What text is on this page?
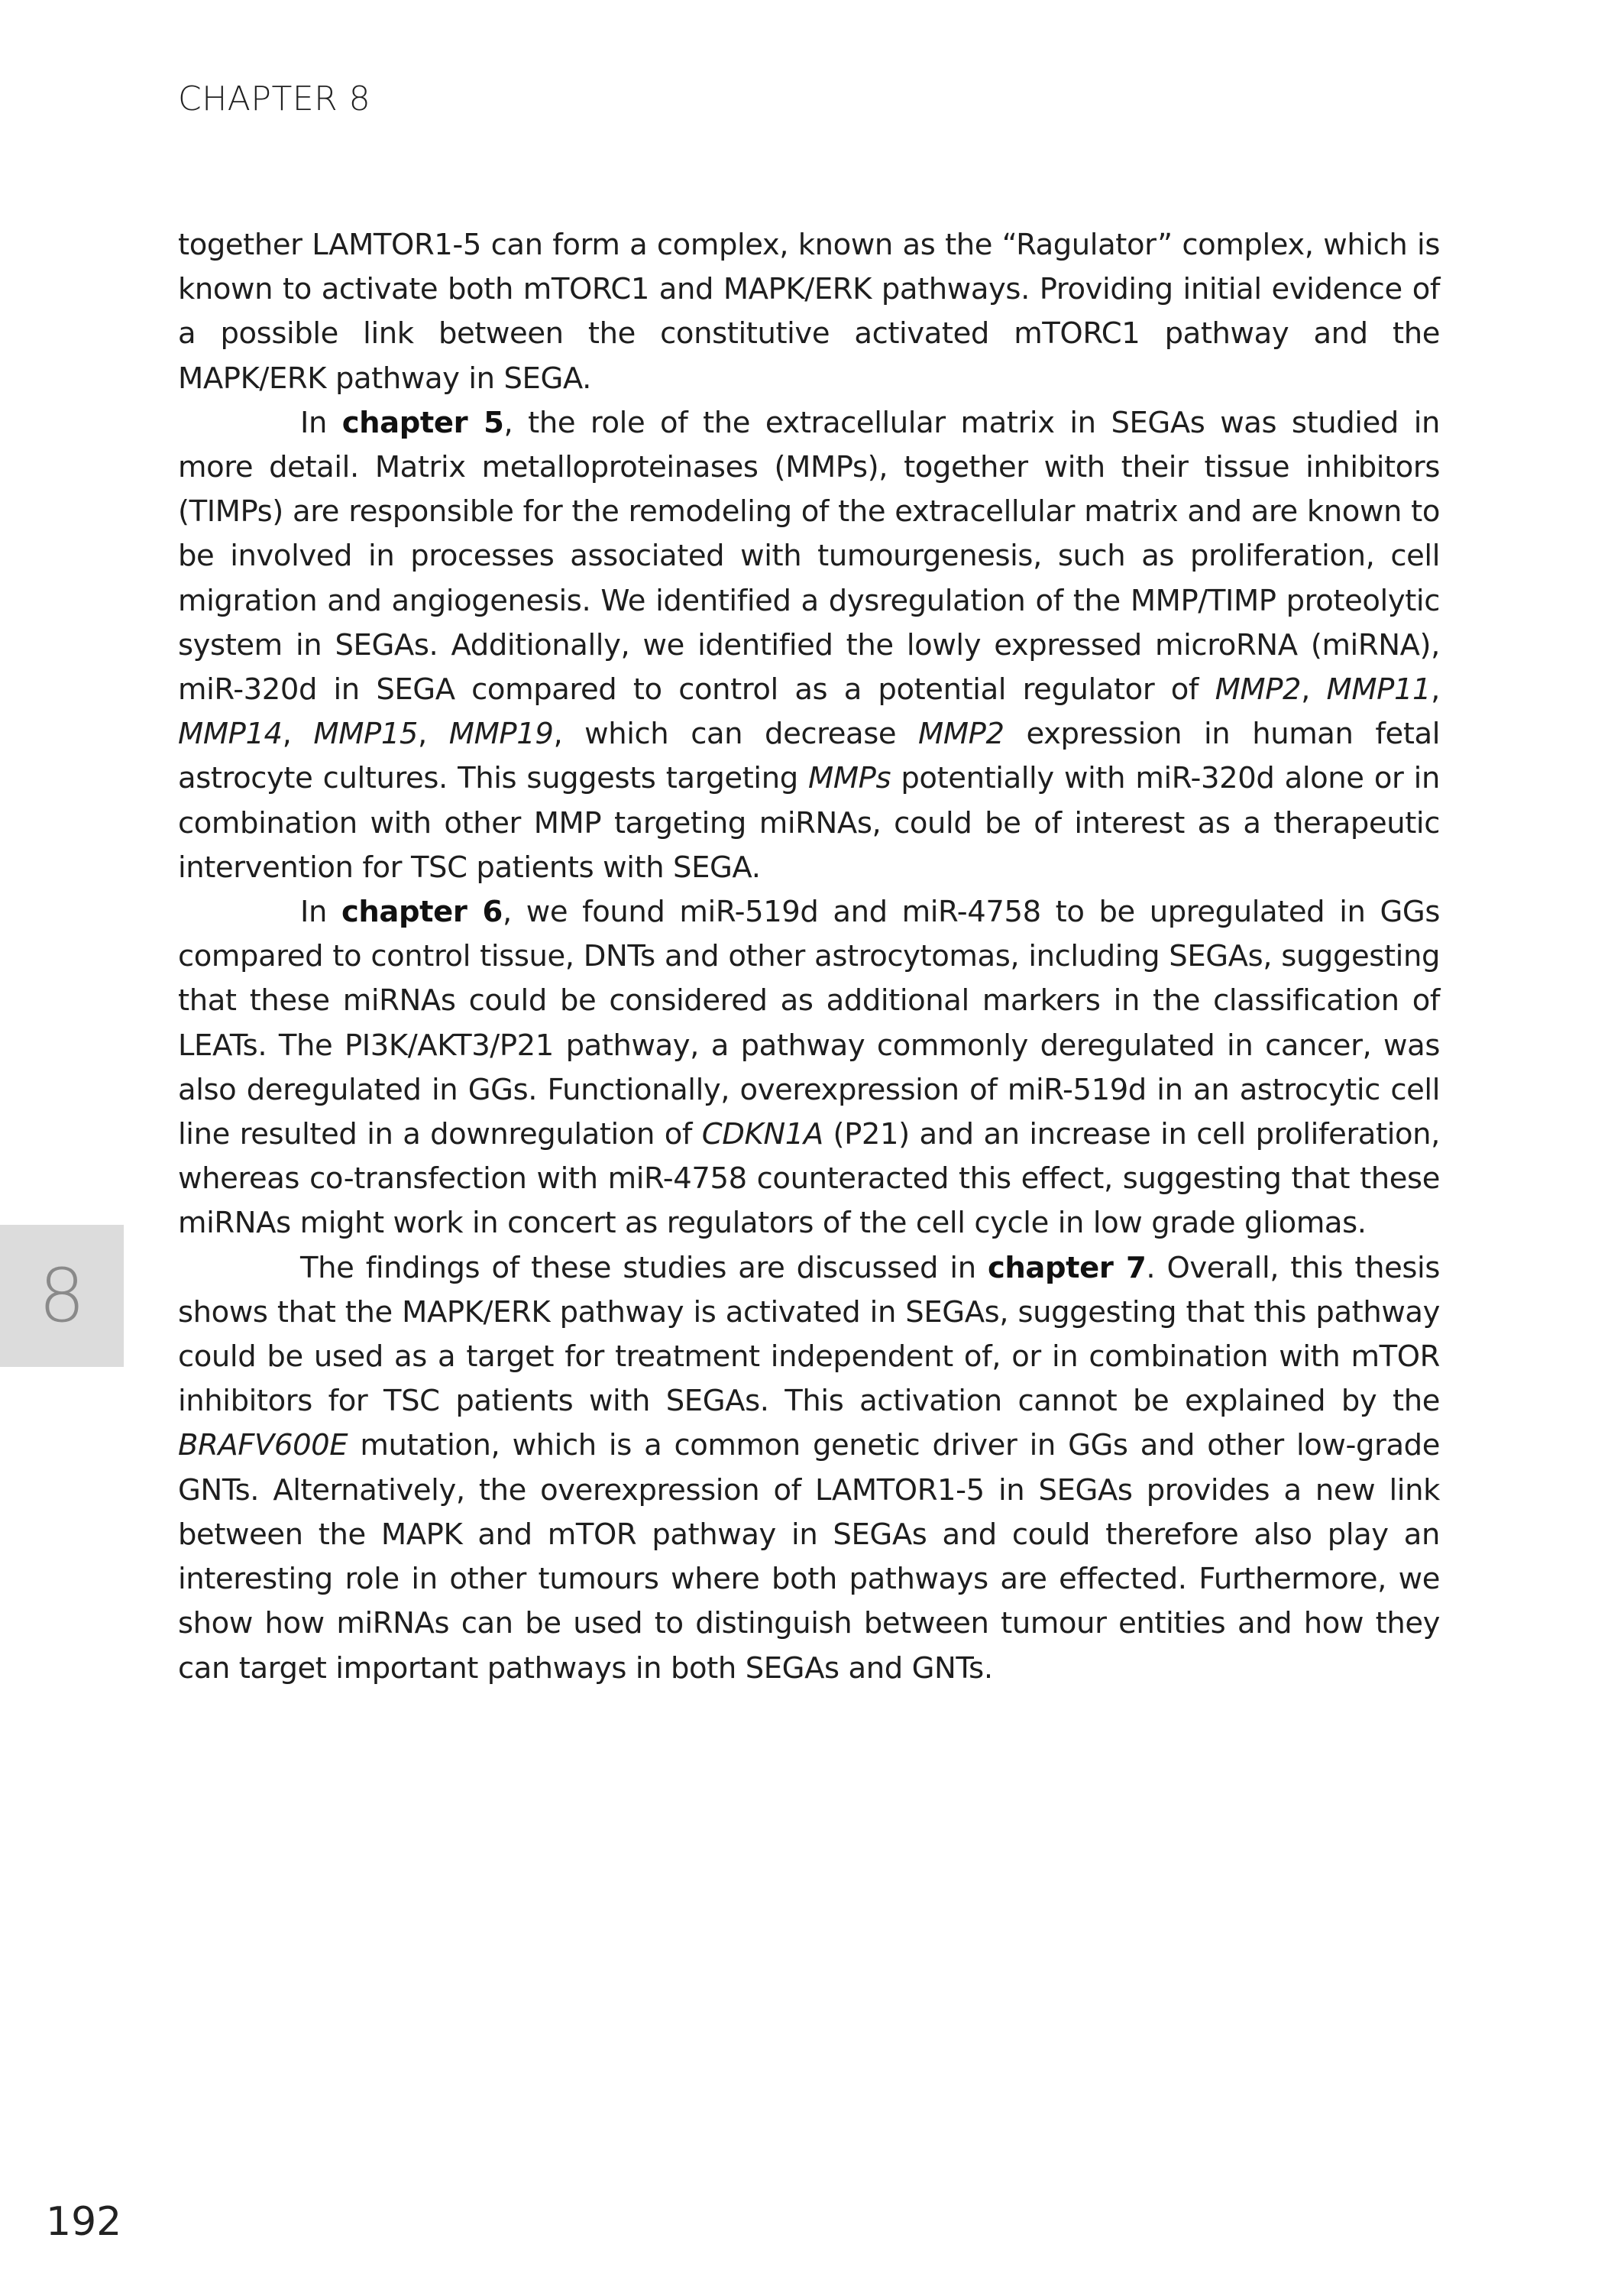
CHAPTER 8

together LAMTOR1-5 can form a complex, known as the “Ragulator” complex, which is known to activate both mTORC1 and MAPK/ERK pathways. Providing initial evidence of a possible link between the constitutive activated mTORC1 pathway and the MAPK/ERK pathway in SEGA.

In chapter 5, the role of the extracellular matrix in SEGAs was studied in more detail. Matrix metalloproteinases (MMPs), together with their tissue inhibitors (TIMPs) are responsible for the remodeling of the extracellular matrix and are known to be involved in processes associated with tumourgenesis, such as proliferation, cell migration and angiogenesis. We identified a dysregulation of the MMP/TIMP proteolytic system in SEGAs. Additionally, we identified the lowly expressed microRNA (miRNA), miR-320d in SEGA compared to control as a potential regulator of MMP2, MMP11, MMP14, MMP15, MMP19, which can decrease MMP2 expression in human fetal astrocyte cultures. This suggests targeting MMPs potentially with miR-320d alone or in combination with other MMP targeting miRNAs, could be of interest as a therapeutic intervention for TSC patients with SEGA.

In chapter 6, we found miR-519d and miR-4758 to be upregulated in GGs compared to control tissue, DNTs and other astrocytomas, including SEGAs, suggesting that these miRNAs could be considered as additional markers in the classification of LEATs. The PI3K/AKT3/P21 pathway, a pathway commonly deregulated in cancer, was also deregulated in GGs. Functionally, overexpression of miR-519d in an astrocytic cell line resulted in a downregulation of CDKN1A (P21) and an increase in cell proliferation, whereas co-transfection with miR-4758 counteracted this effect, suggesting that these miRNAs might work in concert as regulators of the cell cycle in low grade gliomas.

The findings of these studies are discussed in chapter 7. Overall, this thesis shows that the MAPK/ERK pathway is activated in SEGAs, suggesting that this pathway could be used as a target for treatment independent of, or in combination with mTOR inhibitors for TSC patients with SEGAs. This activation cannot be explained by the BRAFV600E mutation, which is a common genetic driver in GGs and other low-grade GNTs. Alternatively, the overexpression of LAMTOR1-5 in SEGAs provides a new link between the MAPK and mTOR pathway in SEGAs and could therefore also play an interesting role in other tumours where both pathways are effected. Furthermore, we show how miRNAs can be used to distinguish between tumour entities and how they can target important pathways in both SEGAs and GNTs.

8
192
